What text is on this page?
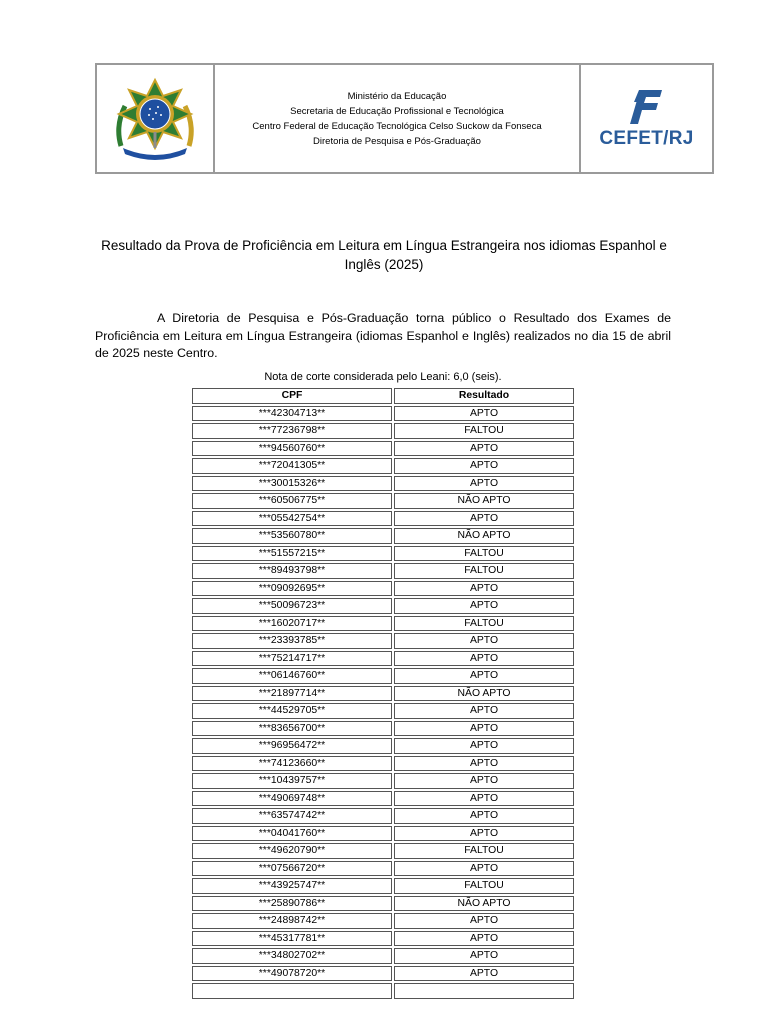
Ministério da Educação
Secretaria de Educação Profissional e Tecnológica
Centro Federal de Educação Tecnológica Celso Suckow da Fonseca
Diretoria de Pesquisa e Pós-Graduação	CEFET/RJ
Resultado da Prova de Proficiência em Leitura em Língua Estrangeira nos idiomas Espanhol e Inglês (2025)
A Diretoria de Pesquisa e Pós-Graduação torna público o Resultado dos Exames de Proficiência em Leitura em Língua Estrangeira (idiomas Espanhol e Inglês) realizados no dia 15 de abril de 2025 neste Centro.
Nota de corte considerada pelo Leani: 6,0 (seis).
CPF	Resultado
***42304713**	APTO
***77236798**	FALTOU
***94560760**	APTO
***72041305**	APTO
***30015326**	APTO
***60506775**	NÃO APTO
***05542754**	APTO
***53560780**	NÃO APTO
***51557215**	FALTOU
***89493798**	FALTOU
***09092695**	APTO
***50096723**	APTO
***16020717**	FALTOU
***23393785**	APTO
***75214717**	APTO
***06146760**	APTO
***21897714**	NÃO APTO
***44529705**	APTO
***83656700**	APTO
***96956472**	APTO
***74123660**	APTO
***10439757**	APTO
***49069748**	APTO
***63574742**	APTO
***04041760**	APTO
***49620790**	FALTOU
***07566720**	APTO
***43925747**	FALTOU
***25890786**	NÃO APTO
***24898742**	APTO
***45317781**	APTO
***34802702**	APTO
***49078720**	APTO
